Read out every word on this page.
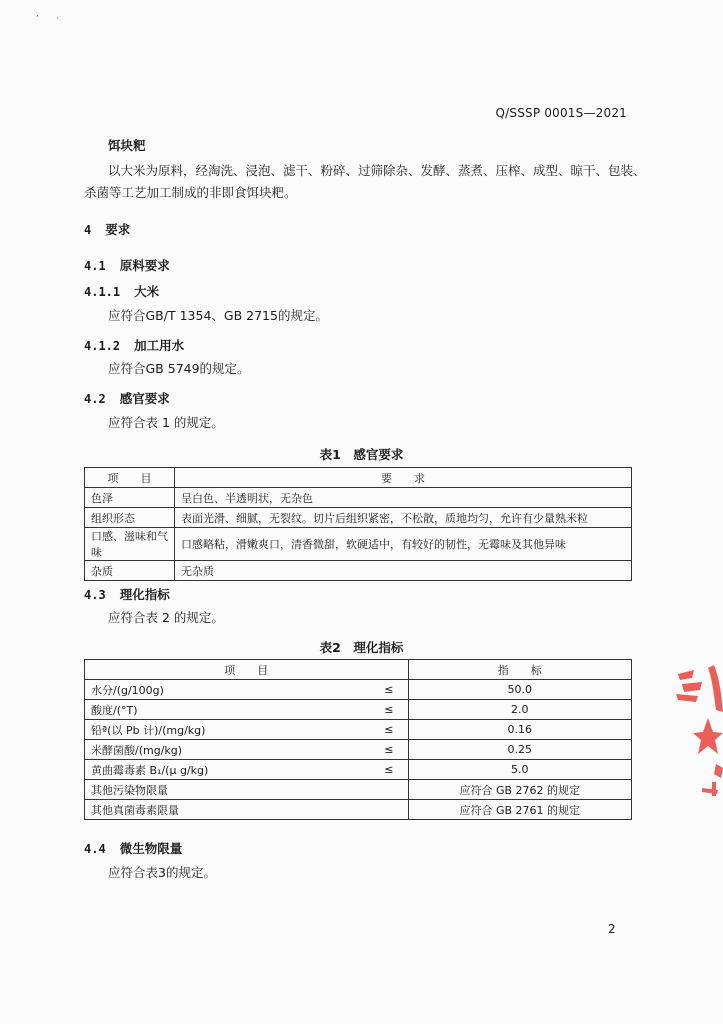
’       ·
Q/SSSP 0001S—2021
饵块粑
以大米为原料，经淘洗、浸泡、滤干、粉碎、过筛除杂、发酵、蒸煮、压榨、成型、晾干、包装、
杀菌等工艺加工制成的非即食饵块粑。
4 要求
4.1 原料要求
4.1.1 大米
应符合GB/T 1354、GB 2715的规定。
4.1.2 加工用水
应符合GB 5749的规定。
4.2 感官要求
应符合表 1 的规定。
表1　感官要求
项　　目	要　　求
色泽	呈白色、半透明状，无杂色
组织形态	表面光滑、细腻，无裂纹。切片后组织紧密，不松散，质地均匀，允许有少量熟米粒
口感、滋味和气味	口感略粘，滑嫩爽口，清香微甜，软硬适中，有较好的韧性，无霉味及其他异味
杂质	无杂质
4.3 理化指标
应符合表 2 的规定。
表2　理化指标
项　　目		指　　标
水分/(g/100g)	≤	50.0
酸度/(°T)	≤	2.0
铅ª(以 Pb 计)/(mg/kg)	≤	0.16
米酵菌酸/(mg/kg)	≤	0.25
黄曲霉毒素 B₁/(μ g/kg)	≤	5.0
其他污染物限量		应符合 GB 2762 的规定
其他真菌毒素限量		应符合 GB 2761 的规定
4.4 微生物限量
应符合表3的规定。
2
